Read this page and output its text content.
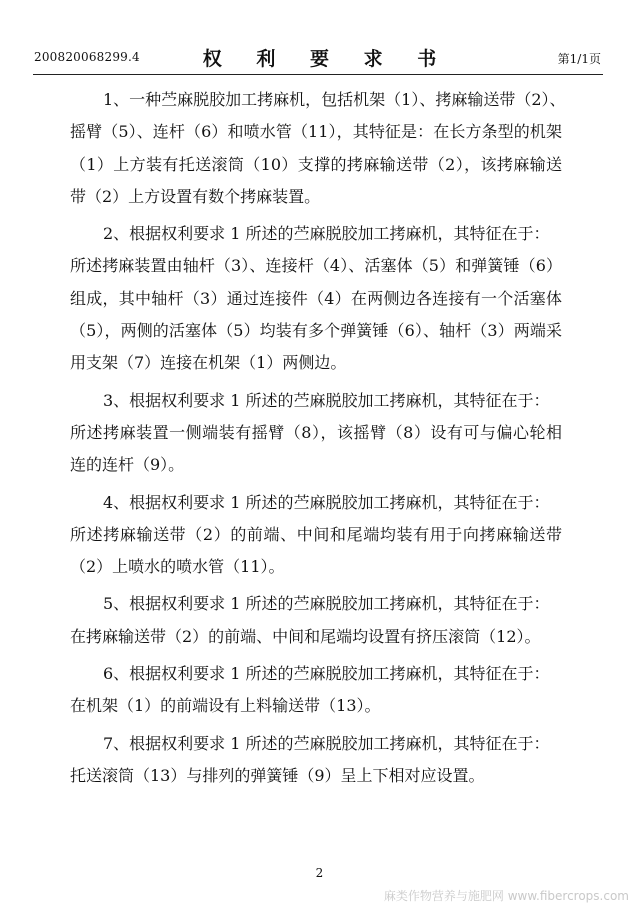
200820068299.4	权 利 要 求 书	第1/1页
1、一种苎麻脱胶加工拷麻机，包括机架（1）、拷麻输送带（2）、
摇臂（5）、连杆（6）和喷水管（11），其特征是：在长方条型的机架
（1）上方装有托送滚筒（10）支撑的拷麻输送带（2），该拷麻输送
带（2）上方设置有数个拷麻装置。
2、根据权利要求 1 所述的苎麻脱胶加工拷麻机，其特征在于：
所述拷麻装置由轴杆（3）、连接杆（4）、活塞体（5）和弹簧锤（6）
组成，其中轴杆（3）通过连接件（4）在两侧边各连接有一个活塞体
（5），两侧的活塞体（5）均装有多个弹簧锤（6）、轴杆（3）两端采
用支架（7）连接在机架（1）两侧边。
3、根据权利要求 1 所述的苎麻脱胶加工拷麻机，其特征在于：
所述拷麻装置一侧端装有摇臂（8），该摇臂（8）设有可与偏心轮相
连的连杆（9）。
4、根据权利要求 1 所述的苎麻脱胶加工拷麻机，其特征在于：
所述拷麻输送带（2）的前端、中间和尾端均装有用于向拷麻输送带
（2）上喷水的喷水管（11）。
5、根据权利要求 1 所述的苎麻脱胶加工拷麻机，其特征在于：
在拷麻输送带（2）的前端、中间和尾端均设置有挤压滚筒（12）。
6、根据权利要求 1 所述的苎麻脱胶加工拷麻机，其特征在于：
在机架（1）的前端设有上料输送带（13）。
7、根据权利要求 1 所述的苎麻脱胶加工拷麻机，其特征在于：
托送滚筒（13）与排列的弹簧锤（9）呈上下相对应设置。
2
麻类作物营养与施肥网 www.fibercrops.com
